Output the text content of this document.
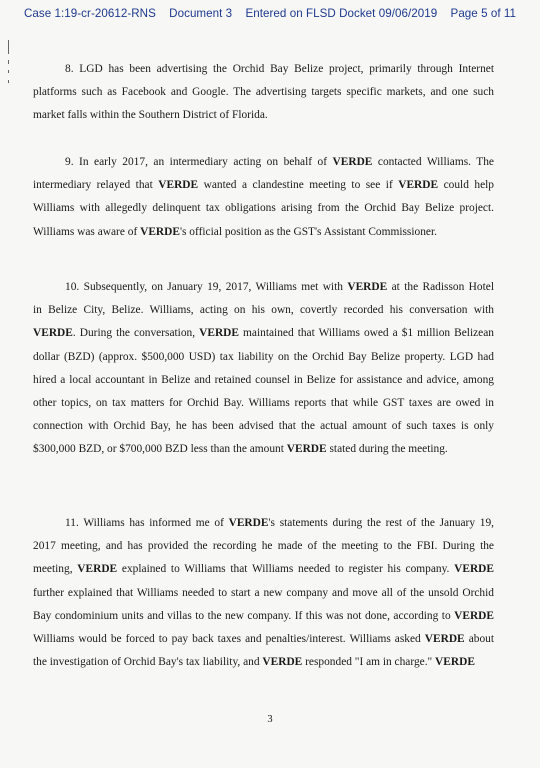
Case 1:19-cr-20612-RNS Document 3 Entered on FLSD Docket 09/06/2019 Page 5 of 11
8. LGD has been advertising the Orchid Bay Belize project, primarily through Internet
platforms such as Facebook and Google. The advertising targets specific markets, and one such
market falls within the Southern District of Florida.
9. In early 2017, an intermediary acting on behalf of VERDE contacted Williams. The
intermediary relayed that VERDE wanted a clandestine meeting to see if VERDE could help
Williams with allegedly delinquent tax obligations arising from the Orchid Bay Belize project.
Williams was aware of VERDE's official position as the GST's Assistant Commissioner.
10. Subsequently, on January 19, 2017, Williams met with VERDE at the Radisson Hotel
in Belize City, Belize. Williams, acting on his own, covertly recorded his conversation with
VERDE. During the conversation, VERDE maintained that Williams owed a $1 million Belizean
dollar (BZD) (approx. $500,000 USD) tax liability on the Orchid Bay Belize property. LGD had
hired a local accountant in Belize and retained counsel in Belize for assistance and advice, among
other topics, on tax matters for Orchid Bay. Williams reports that while GST taxes are owed in
connection with Orchid Bay, he has been advised that the actual amount of such taxes is only
$300,000 BZD, or $700,000 BZD less than the amount VERDE stated during the meeting.
11. Williams has informed me of VERDE's statements during the rest of the January 19,
2017 meeting, and has provided the recording he made of the meeting to the FBI. During the
meeting, VERDE explained to Williams that Williams needed to register his company. VERDE
further explained that Williams needed to start a new company and move all of the unsold Orchid
Bay condominium units and villas to the new company. If this was not done, according to VERDE
Williams would be forced to pay back taxes and penalties/interest. Williams asked VERDE about
the investigation of Orchid Bay's tax liability, and VERDE responded "I am in charge." VERDE
3
